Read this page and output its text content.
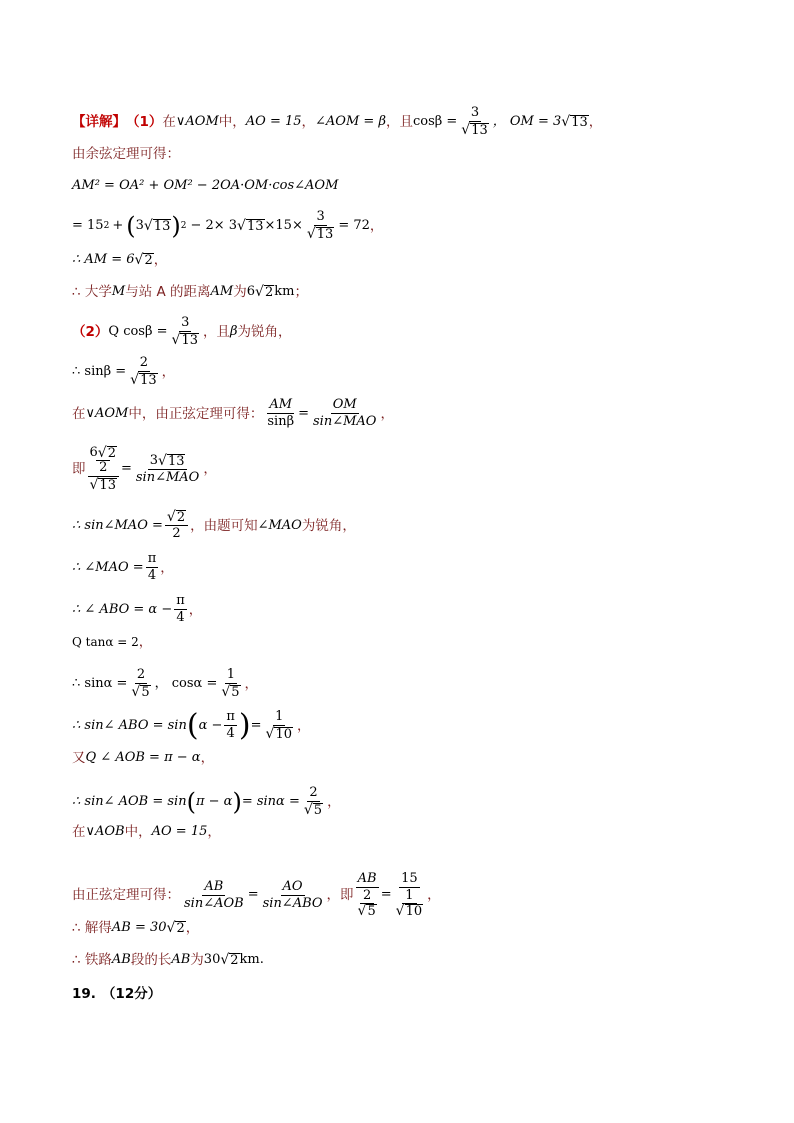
【详解】 （1） 在 ∨AOM 中， AO = 15 ， ∠AOM = β ，且 $\cos\beta = \frac{3}{√ 13}$ ， OM = 3 √ 13 ，
由余弦定理可得：
AM² = OA² + OM² − 2OA·OM·cos∠AOM
= 15 2 + ( 3 √ 13 ) 2 − 2× 3 √ $13 \times 15\times \frac{3}{√ 13} = 72$ ，
∴ AM = 6 √ 2 ，
∴ 大学 M 与站 A 的距离 AM 为 6 √ 2 km ；
（2） Q $\cos\beta = \frac{3}{√ 13}$ ，且 β 为锐角，
∴ $\sin\beta = \frac{2}{√ 13}$ ，
在 ∨AOM 中，由正弦定理可得： $\frac{AM}{\sin\beta} = \frac{OM}{\text{sin∠MAO}}$ ，
即 6 √ 2
2
√ $13 = \frac{3 √ 13}{\text{sin∠MAO}}$ ，
∴ sin∠MAO = $\frac{√ 2}{2}$ ，由题可知 ∠MAO 为锐角，
∴ ∠MAO = $\frac{\pi}{4}$ ，
∴ ∠ ABO = $\alpha - \frac{\pi}{4}$ ，
Q tanα = 2 ，
∴ $\sin\alpha = \frac{2}{√ 5}$ ， $\cos\alpha = \frac{1}{√ 5}$ ，
∴ sin∠ ABO = sin ( $\alpha - \frac{\pi}{4}$ ) = $\frac{1}{√ 10}$ ，
又 Q ∠ AOB = π − α ，
∴ sin∠ AOB = sin ( π − α ) = $\sin\alpha = \frac{2}{√ 5}$ ，
在 ∨AOB 中， AO = 15 ，
由正弦定理可得： $\frac{AB}{\text{sin∠AOB}} = \frac{AO}{\text{sin∠ABO}}$ ，即 AB
2
√ 5 = 15
1
√ 10 ，
∴ 解得 AB = 30 √ 2 ，
∴ 铁路 AB 段的长 AB 为 30 √ 2 km .
19. （12分）
